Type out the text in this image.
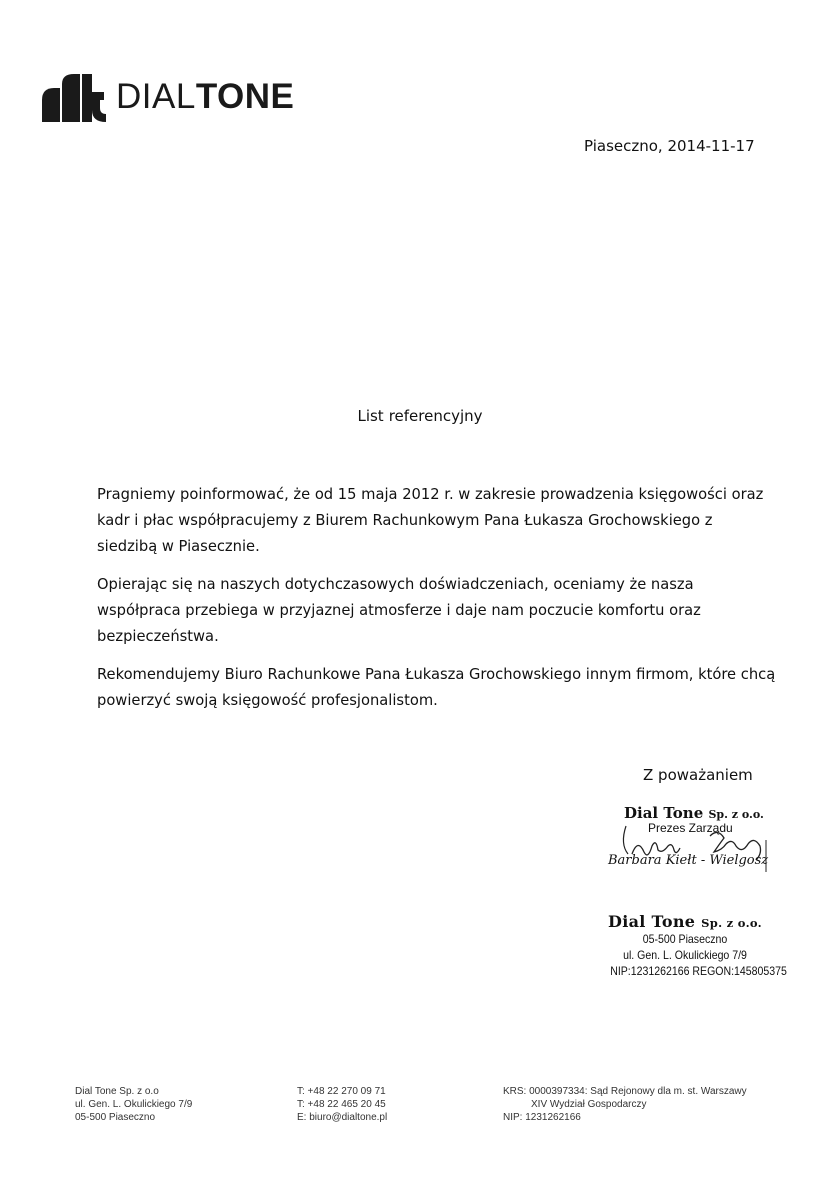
DIALTONE
Piaseczno, 2014-11-17
List referencyjny

Pragniemy poinformować, że od 15 maja 2012 r. w zakresie prowadzenia księgowości oraz kadr i płac współpracujemy z Biurem Rachunkowym Pana Łukasza Grochowskiego z siedzibą w Piasecznie.

Opierając się na naszych dotychczasowych doświadczeniach, oceniamy że nasza współpraca przebiega w przyjaznej atmosferze i daje nam poczucie komfortu oraz bezpieczeństwa.

Rekomendujemy Biuro Rachunkowe Pana Łukasza Grochowskiego innym firmom, które chcą powierzyć swoją księgowość profesjonalistom.

Z poważaniem
Dial Tone Sp. z o.o.
Prezes Zarządu
Barbara Kiełt - Wielgosz
Dial Tone Sp. z o.o.
05-500 Piaseczno
ul. Gen. L. Okulickiego 7/9
NIP:1231262166 REGON:145805375
Dial Tone Sp. z o.o
ul. Gen. L. Okulickiego 7/9
05-500 Piaseczno
T: +48 22 270 09 71
T: +48 22 465 20 45
E: biuro@dialtone.pl
KRS: 0000397334: Sąd Rejonowy dla m. st. Warszawy
XIV Wydział Gospodarczy
NIP: 1231262166
